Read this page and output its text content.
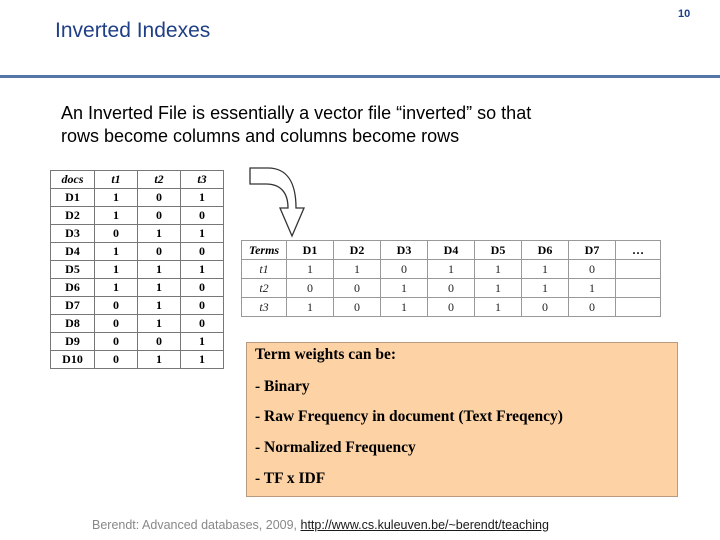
Inverted Indexes
10
An Inverted File is essentially a vector file “inverted” so that
rows become columns and columns become rows
docs	t1	t2	t3
D1	1	0	1
D2	1	0	0
D3	0	1	1
D4	1	0	0
D5	1	1	1
D6	1	1	0
D7	0	1	0
D8	0	1	0
D9	0	0	1
D10	0	1	1
Terms	D1	D2	D3	D4	D5	D6	D7	…
t1	1	1	0	1	1	1	0	
t2	0	0	1	0	1	1	1	
t3	1	0	1	0	1	0	0	
Term weights can be:
- Binary
- Raw Frequency in document (Text Freqency)
- Normalized Frequency
- TF x IDF
Berendt: Advanced databases, 2009, http://www.cs.kuleuven.be/~berendt/teaching
